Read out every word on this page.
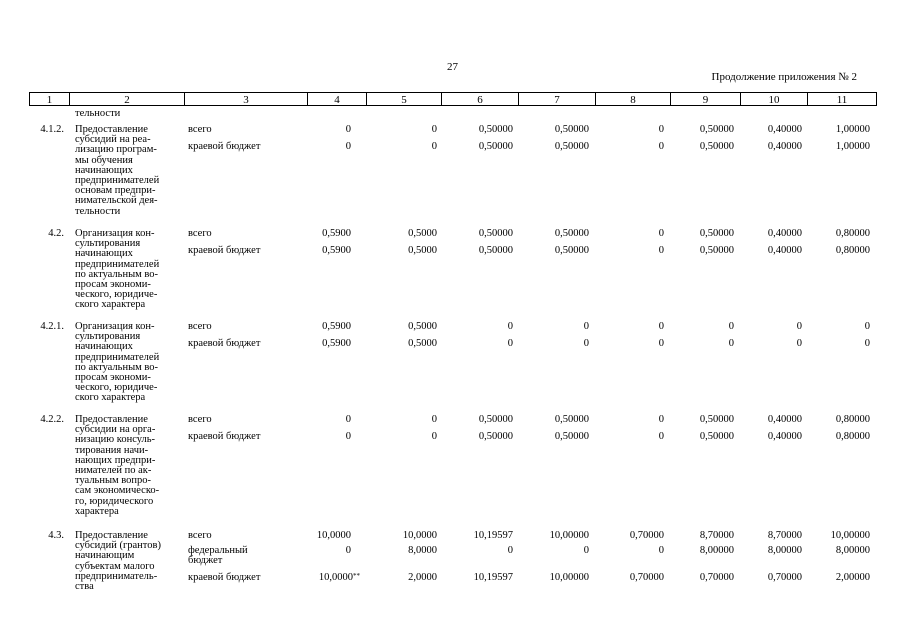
27
Продолжение приложения № 2
1	2	3	4	5	6	7	8	9	10	11
тельности
4.1.2. Предоставление
субсидий на реа-
лизацию програм-
мы обучения
начинающих
предпринимателей
основам предпри-
нимательской дея-
тельности
всего	0	0	0,50000	0,50000	0	0,50000	0,40000	1,00000
краевой бюджет	0	0	0,50000	0,50000	0	0,50000	0,40000	1,00000
4.2. Организация кон-
сультирования
начинающих
предпринимателей
по актуальным во-
просам экономи-
ческого, юридиче-
ского характера
всего	0,5900	0,5000	0,50000	0,50000	0	0,50000	0,40000	0,80000
краевой бюджет	0,5900	0,5000	0,50000	0,50000	0	0,50000	0,40000	0,80000
4.2.1. Организация кон-
сультирования
начинающих
предпринимателей
по актуальным во-
просам экономи-
ческого, юридиче-
ского характера
всего	0,5900	0,5000	0	0	0	0	0	0
краевой бюджет	0,5900	0,5000	0	0	0	0	0	0
4.2.2. Предоставление
субсидии на орга-
низацию консуль-
тирования начи-
нающих предпри-
нимателей по ак-
туальным вопро-
сам экономическо-
го, юридического
характера
всего	0	0	0,50000	0,50000	0	0,50000	0,40000	0,80000
краевой бюджет	0	0	0,50000	0,50000	0	0,50000	0,40000	0,80000
4.3. Предоставление
субсидий (грантов)
начинающим
субъектам малого
предприниматель-
ства
всего	10,0000	10,0000	10,19597	10,00000	0,70000	8,70000	8,70000	10,00000
федеральный
бюджет
0	8,0000	0	0	0	8,00000	8,00000	8,00000
краевой бюджет	10,0000**	2,0000	10,19597	10,00000	0,70000	0,70000	0,70000	2,00000
